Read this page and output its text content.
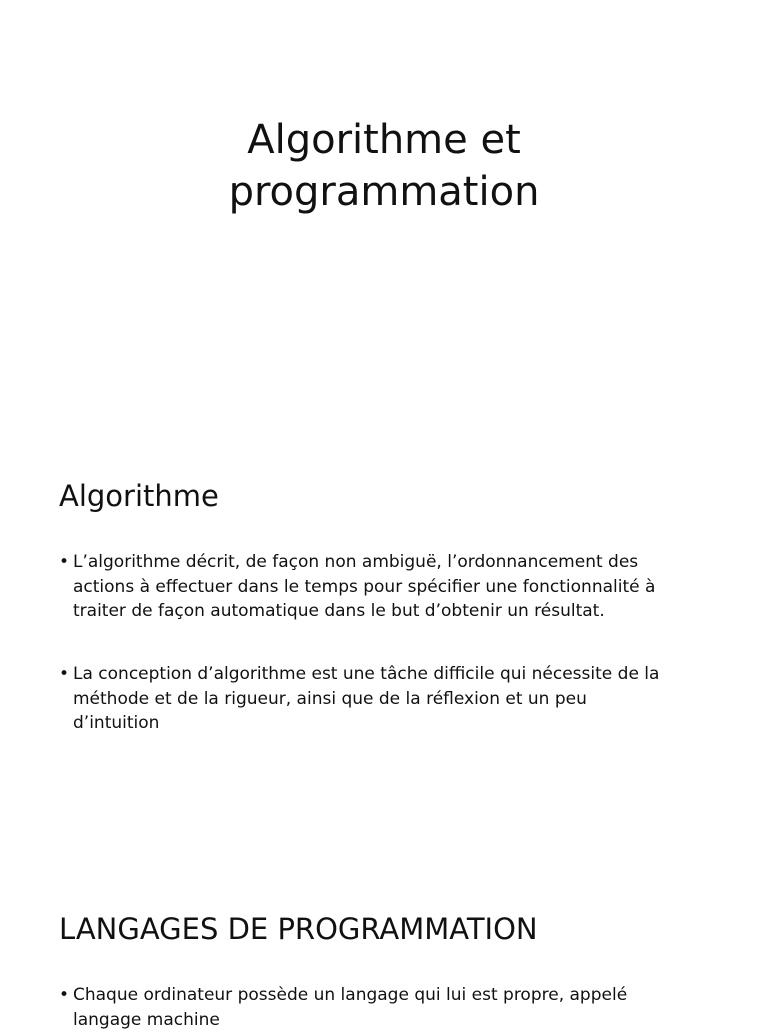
Algorithme et
programmation
Algorithme
• L’algorithme décrit, de façon non ambiguë, l’ordonnancement des
actions à effectuer dans le temps pour spécifier une fonctionnalité à
traiter de façon automatique dans le but d’obtenir un résultat.
• La conception d’algorithme est une tâche difficile qui nécessite de la
méthode et de la rigueur, ainsi que de la réflexion et un peu
d’intuition
LANGAGES DE PROGRAMMATION
• Chaque ordinateur possède un langage qui lui est propre, appelé
langage machine
